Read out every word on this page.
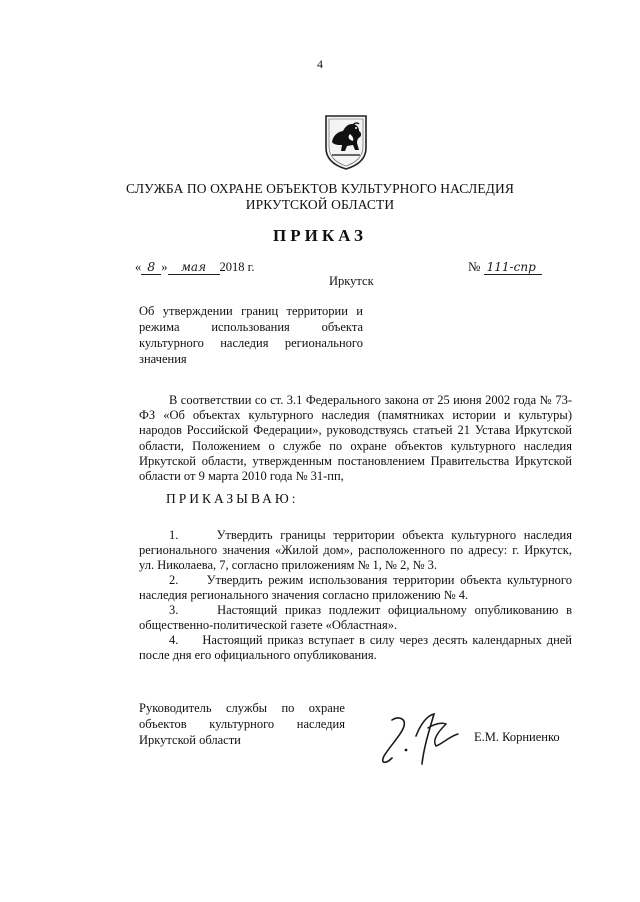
4
СЛУЖБА ПО ОХРАНЕ ОБЪЕКТОВ КУЛЬТУРНОГО НАСЛЕДИЯ
ИРКУТСКОЙ ОБЛАСТИ
ПРИКАЗ
« 8 » мая 2018 г.	№ 111-спр
Иркутск
Об утверждении границ территории и режима использования объекта культурного наследия регионального значения
В соответствии со ст. 3.1 Федерального закона от 25 июня 2002 года № 73-ФЗ «Об объектах культурного наследия (памятниках истории и культуры) народов Российской Федерации», руководствуясь статьей 21 Устава Иркутской области, Положением о службе по охране объектов культурного наследия Иркутской области, утвержденным постановлением Правительства Иркутской области от 9 марта 2010 года № 31-пп,
ПРИКАЗЫВАЮ:
1.	Утвердить границы территории объекта культурного наследия регионального значения «Жилой дом», расположенного по адресу: г. Иркутск, ул. Николаева, 7, согласно приложениям № 1, № 2, № 3.
2. Утвердить режим использования территории объекта культурного наследия регионального значения согласно приложению № 4.
3.	Настоящий приказ подлежит официальному опубликованию в общественно-политической газете «Областная».
4. Настоящий приказ вступает в силу через десять календарных дней после дня его официального опубликования.
Руководитель службы по охране
объектов культурного наследия
Иркутской области	Е.М. Корниенко
